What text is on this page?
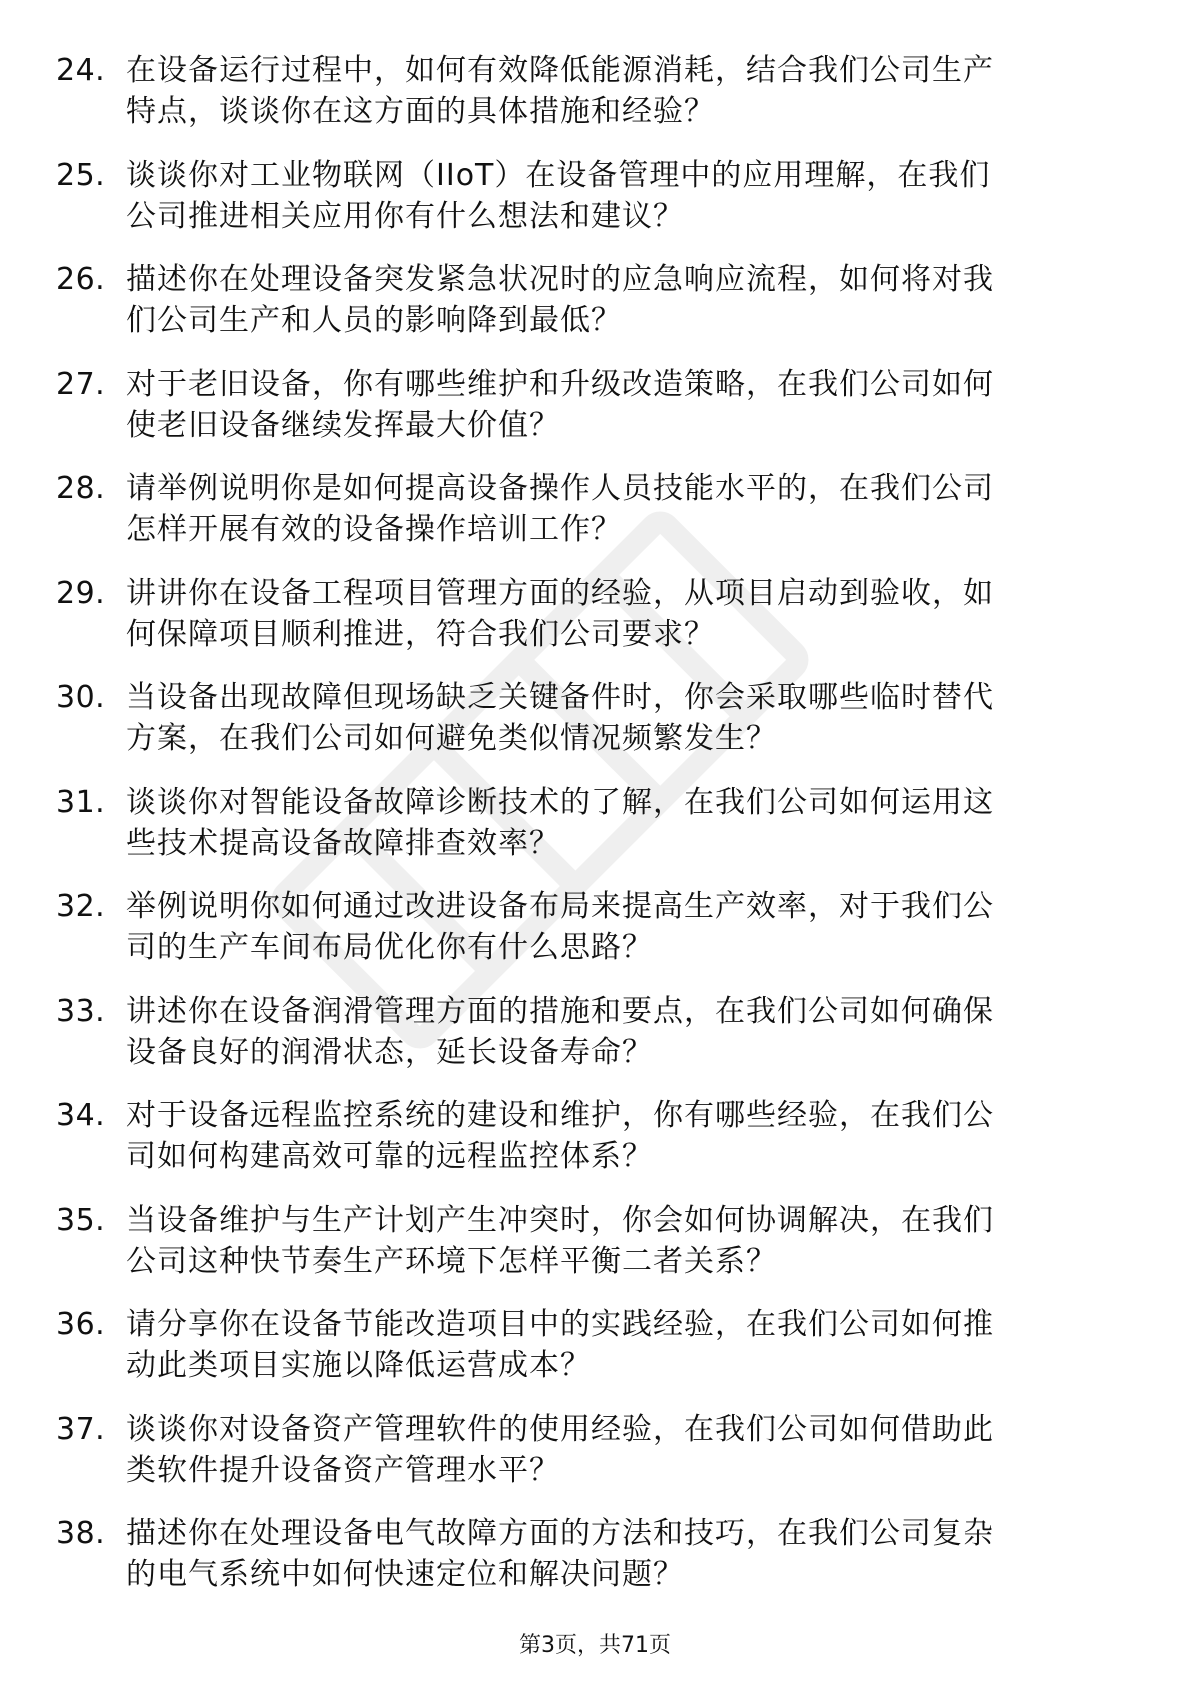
24. 在设备运行过程中，如何有效降低能源消耗，结合我们公司生产
特点，谈谈你在这方面的具体措施和经验？
25. 谈谈你对工业物联网（IIoT）在设备管理中的应用理解，在我们
公司推进相关应用你有什么想法和建议？
26. 描述你在处理设备突发紧急状况时的应急响应流程，如何将对我
们公司生产和人员的影响降到最低？
27. 对于老旧设备，你有哪些维护和升级改造策略，在我们公司如何
使老旧设备继续发挥最大价值？
28. 请举例说明你是如何提高设备操作人员技能水平的，在我们公司
怎样开展有效的设备操作培训工作？
29. 讲讲你在设备工程项目管理方面的经验，从项目启动到验收，如
何保障项目顺利推进，符合我们公司要求？
30. 当设备出现故障但现场缺乏关键备件时，你会采取哪些临时替代
方案，在我们公司如何避免类似情况频繁发生？
31. 谈谈你对智能设备故障诊断技术的了解，在我们公司如何运用这
些技术提高设备故障排查效率？
32. 举例说明你如何通过改进设备布局来提高生产效率，对于我们公
司的生产车间布局优化你有什么思路？
33. 讲述你在设备润滑管理方面的措施和要点，在我们公司如何确保
设备良好的润滑状态，延长设备寿命？
34. 对于设备远程监控系统的建设和维护，你有哪些经验，在我们公
司如何构建高效可靠的远程监控体系？
35. 当设备维护与生产计划产生冲突时，你会如何协调解决，在我们
公司这种快节奏生产环境下怎样平衡二者关系？
36. 请分享你在设备节能改造项目中的实践经验，在我们公司如何推
动此类项目实施以降低运营成本？
37. 谈谈你对设备资产管理软件的使用经验，在我们公司如何借助此
类软件提升设备资产管理水平？
38. 描述你在处理设备电气故障方面的方法和技巧，在我们公司复杂
的电气系统中如何快速定位和解决问题？
第3页，共71页
